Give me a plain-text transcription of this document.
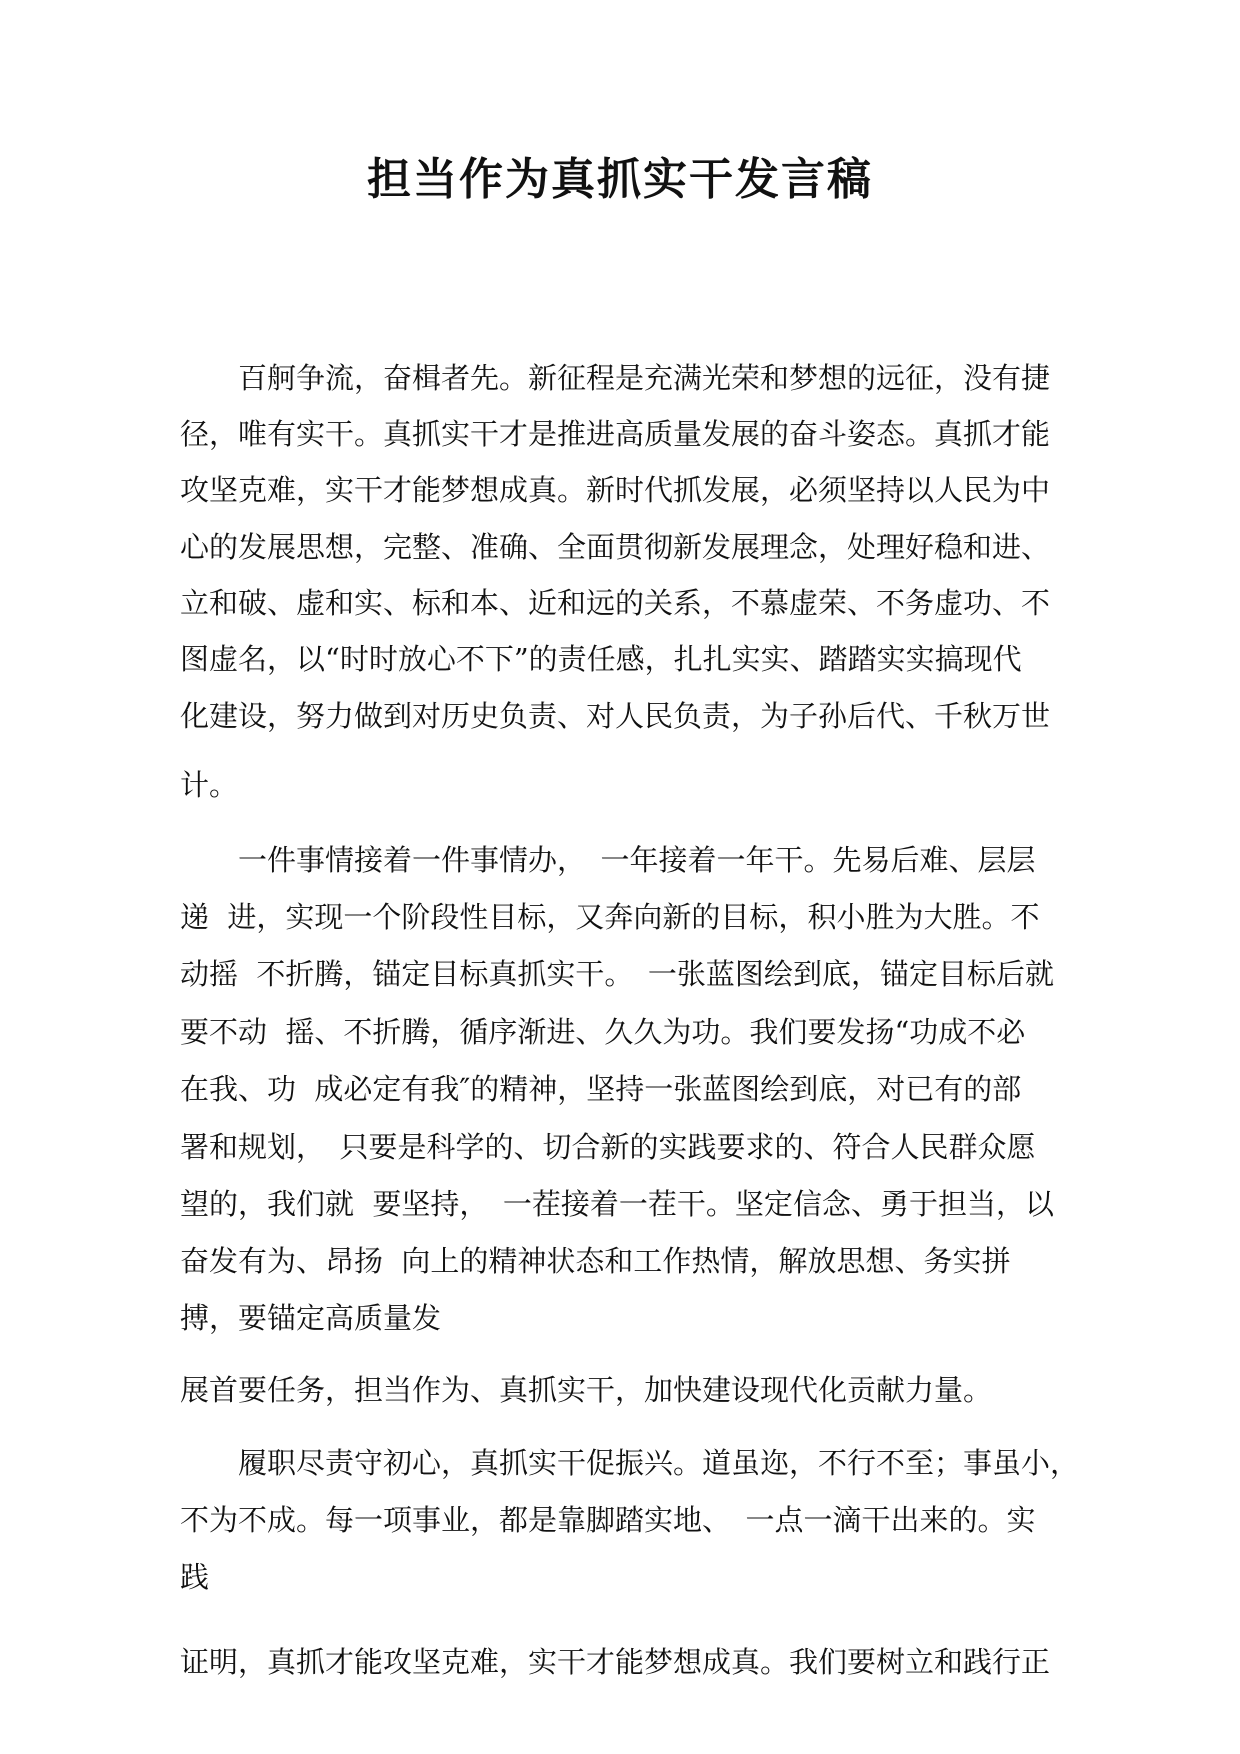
担当作为真抓实干发言稿
　　百舸争流，奋楫者先。新征程是充满光荣和梦想的远征，没有捷
径，唯有实干。真抓实干才是推进高质量发展的奋斗姿态。真抓才能
攻坚克难，实干才能梦想成真。新时代抓发展，必须坚持以人民为中
心的发展思想，完整、准确、全面贯彻新发展理念，处理好稳和进、
立和破、虚和实、标和本、近和远的关系，不慕虚荣、不务虚功、不
图虚名，以“时时放心不下”的责任感，扎扎实实、踏踏实实搞现代
化建设，努力做到对历史负责、对人民负责，为子孙后代、千秋万世
计。
　　一件事情接着一件事情办，　一年接着一年干。先易后难、层层
递  进，实现一个阶段性目标，又奔向新的目标，积小胜为大胜。不
动摇  不折腾，锚定目标真抓实干。　一张蓝图绘到底，锚定目标后就
要不动  摇、不折腾，循序渐进、久久为功。我们要发扬“功成不必
在我、功  成必定有我″的精神，坚持一张蓝图绘到底，对已有的部
署和规划，　只要是科学的、切合新的实践要求的、符合人民群众愿
望的，我们就  要坚持，　一茬接着一茬干。坚定信念、勇于担当，以
奋发有为、昂扬  向上的精神状态和工作热情，解放思想、务实拼
搏，要锚定高质量发
展首要任务，担当作为、真抓实干，加快建设现代化贡献力量。
　　履职尽责守初心，真抓实干促振兴。道虽迩，不行不至；事虽小，
不为不成。每一项事业，都是靠脚踏实地、　一点一滴干出来的。实
践
证明，真抓才能攻坚克难，实干才能梦想成真。我们要树立和践行正
